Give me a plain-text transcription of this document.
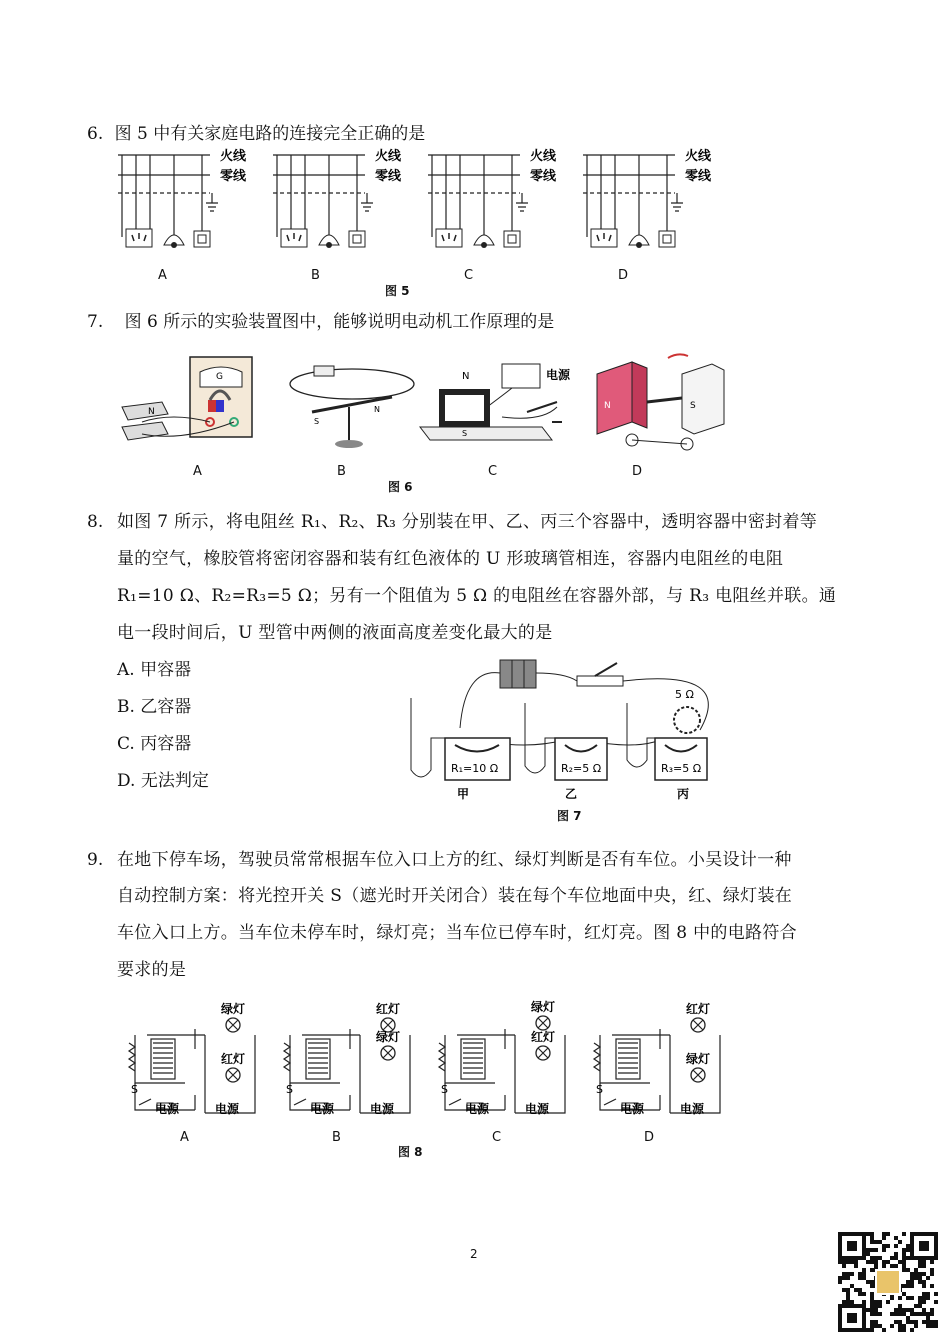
6. 图 5 中有关家庭电路的连接完全正确的是
火线
零线
火线
零线
火线
零线
火线
零线
A	B	C	D
图 5
7. 图 6 所示的实验装置图中，能够说明电动机工作原理的是
G
N
S
N
N
S
电源
N	S
A	B	C	D
图 6
8. 如图 7 所示，将电阻丝 R₁、R₂、R₃ 分别装在甲、乙、丙三个容器中，透明容器中密封着等
量的空气，橡胶管将密闭容器和装有红色液体的 U 形玻璃管相连，容器内电阻丝的电阻
R₁=10 Ω、R₂=R₃=5 Ω；另有一个阻值为 5 Ω 的电阻丝在容器外部，与 R₃ 电阻丝并联。通
电一段时间后，U 型管中两侧的液面高度差变化最大的是
A. 甲容器
B. 乙容器
C. 丙容器
D. 无法判定
5 Ω
R₁=10 Ω	R₂=5 Ω	R₃=5 Ω
甲	乙	丙
图 7
9. 在地下停车场，驾驶员常常根据车位入口上方的红、绿灯判断是否有车位。小吴设计一种
自动控制方案：将光控开关 S（遮光时开关闭合）装在每个车位地面中央，红、绿灯装在
车位入口上方。当车位未停车时，绿灯亮；当车位已停车时，红灯亮。图 8 中的电路符合
要求的是
S
电源	电源
绿灯
红灯
S
电源	电源
红灯
绿灯
S
电源	电源
绿灯
红灯
S
电源	电源
红灯
绿灯
A	B	C	D
图 8
2
